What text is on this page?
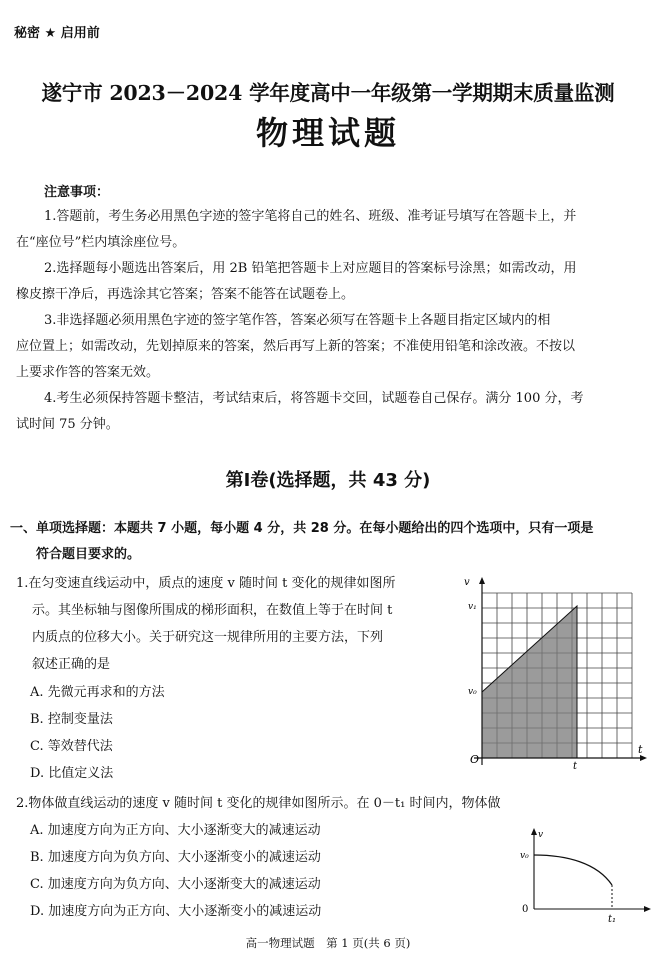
秘密 ★ 启用前
遂宁市 2023－2024 学年度高中一年级第一学期期末质量监测
物理试题
注意事项：
1.答题前，考生务必用黑色字迹的签字笔将自己的姓名、班级、准考证号填写在答题卡上，并
在“座位号”栏内填涂座位号。
2.选择题每小题选出答案后，用 2B 铅笔把答题卡上对应题目的答案标号涂黑；如需改动，用
橡皮擦干净后，再选涂其它答案；答案不能答在试题卷上。
3.非选择题必须用黑色字迹的签字笔作答，答案必须写在答题卡上各题目指定区域内的相
应位置上；如需改动，先划掉原来的答案，然后再写上新的答案；不准使用铅笔和涂改液。不按以
上要求作答的答案无效。
4.考生必须保持答题卡整洁，考试结束后，将答题卡交回，试题卷自己保存。满分 100 分，考
试时间 75 分钟。
第Ⅰ卷(选择题，共 43 分)
一、单项选择题：本题共 7 小题，每小题 4 分，共 28 分。在每小题给出的四个选项中，只有一项是
符合题目要求的。
1.在匀变速直线运动中，质点的速度 v 随时间 t 变化的规律如图所
示。其坐标轴与图像所围成的梯形面积，在数值上等于在时间 t
内质点的位移大小。关于研究这一规律所用的主要方法，下列
叙述正确的是
A. 先微元再求和的方法
B. 控制变量法
C. 等效替代法
D. 比值定义法
v
t
O
v₁
v₀
t
2.物体做直线运动的速度 v 随时间 t 变化的规律如图所示。在 0－t₁ 时间内，物体做
A. 加速度方向为正方向、大小逐渐变大的减速运动
B. 加速度方向为负方向、大小逐渐变小的减速运动
C. 加速度方向为负方向、大小逐渐变大的减速运动
D. 加速度方向为正方向、大小逐渐变小的减速运动
v
v₀
0
t₁
高一物理试题　第 1 页(共 6 页)
